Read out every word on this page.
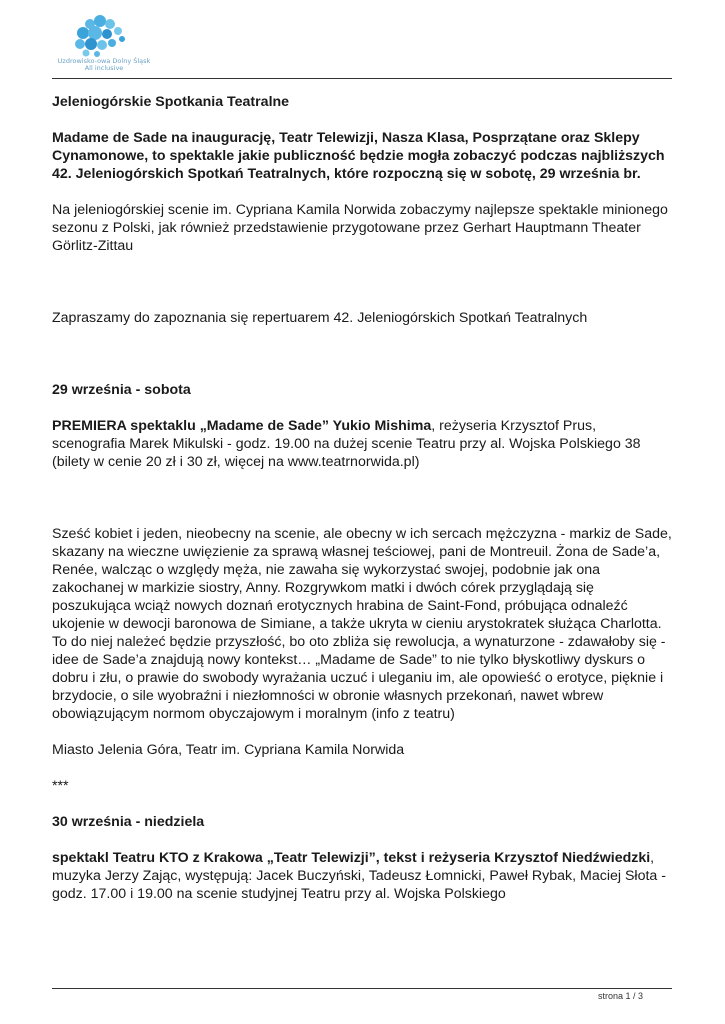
Uzdrowisko-owa Dolny Śląsk
All inclusive

Jeleniogórskie Spotkania Teatralne

Madame de Sade na inaugurację, Teatr Telewizji, Nasza Klasa, Posprzątane oraz Sklepy Cynamonowe, to spektakle jakie publiczność będzie mogła zobaczyć podczas najbliższych 42. Jeleniogórskich Spotkań Teatralnych, które rozpoczną się w sobotę, 29 września br.

Na jeleniogórskiej scenie im. Cypriana Kamila Norwida zobaczymy najlepsze spektakle minionego sezonu z Polski, jak również przedstawienie przygotowane przez Gerhart Hauptmann Theater Görlitz-Zittau

Zapraszamy do zapoznania się repertuarem 42. Jeleniogórskich Spotkań Teatralnych

29 września - sobota

PREMIERA spektaklu „Madame de Sade” Yukio Mishima, reżyseria Krzysztof Prus, scenografia Marek Mikulski - godz. 19.00 na dużej scenie Teatru przy al. Wojska Polskiego 38 (bilety w cenie 20 zł i 30 zł, więcej na www.teatrnorwida.pl)

Sześć kobiet i jeden, nieobecny na scenie, ale obecny w ich sercach mężczyzna - markiz de Sade, skazany na wieczne uwięzienie za sprawą własnej teściowej, pani de Montreuil. Żona de Sade’a, Renée, walcząc o względy męża, nie zawaha się wykorzystać swojej, podobnie jak ona zakochanej w markizie siostry, Anny. Rozgrywkom matki i dwóch córek przyglądają się poszukująca wciąż nowych doznań erotycznych hrabina de Saint-Fond, próbująca odnaleźć ukojenie w dewocji baronowa de Simiane, a także ukryta w cieniu arystokratek służąca Charlotta. To do niej należeć będzie przyszłość, bo oto zbliża się rewolucja, a wynaturzone - zdawałoby się - idee de Sade’a znajdują nowy kontekst… „Madame de Sade” to nie tylko błyskotliwy dyskurs o dobru i złu, o prawie do swobody wyrażania uczuć i uleganiu im, ale opowieść o erotyce, pięknie i brzydocie, o sile wyobraźni i niezłomności w obronie własnych przekonań, nawet wbrew obowiązującym normom obyczajowym i moralnym (info z teatru)

Miasto Jelenia Góra, Teatr im. Cypriana Kamila Norwida

***

30 września - niedziela

spektakl Teatru KTO z Krakowa „Teatr Telewizji”, tekst i reżyseria Krzysztof Niedźwiedzki, muzyka Jerzy Zając, występują: Jacek Buczyński, Tadeusz Łomnicki, Paweł Rybak, Maciej Słota - godz. 17.00 i 19.00 na scenie studyjnej Teatru przy al. Wojska Polskiego

strona 1 / 3
